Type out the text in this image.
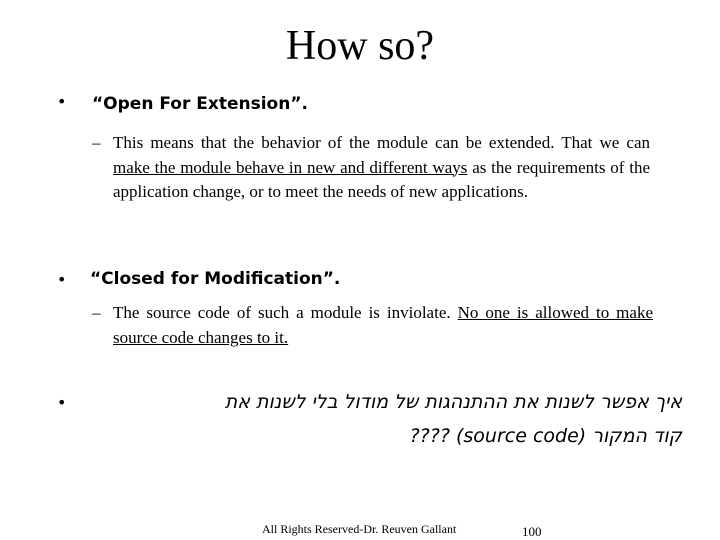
How so?
• “Open For Extension”.
– This means that the behavior of the module can be extended. That we can make the module behave in new and different ways as the requirements of the application change, or to meet the needs of new applications.
• “Closed for Modification”.
– The source code of such a module is inviolate. No one is allowed to make source code changes to it.
•	איך אפשר לשנות את ההתנהגות של מודול בלי לשנות את
קוד המקור (source code) ????
All Rights Reserved-Dr. Reuven Gallant	100
